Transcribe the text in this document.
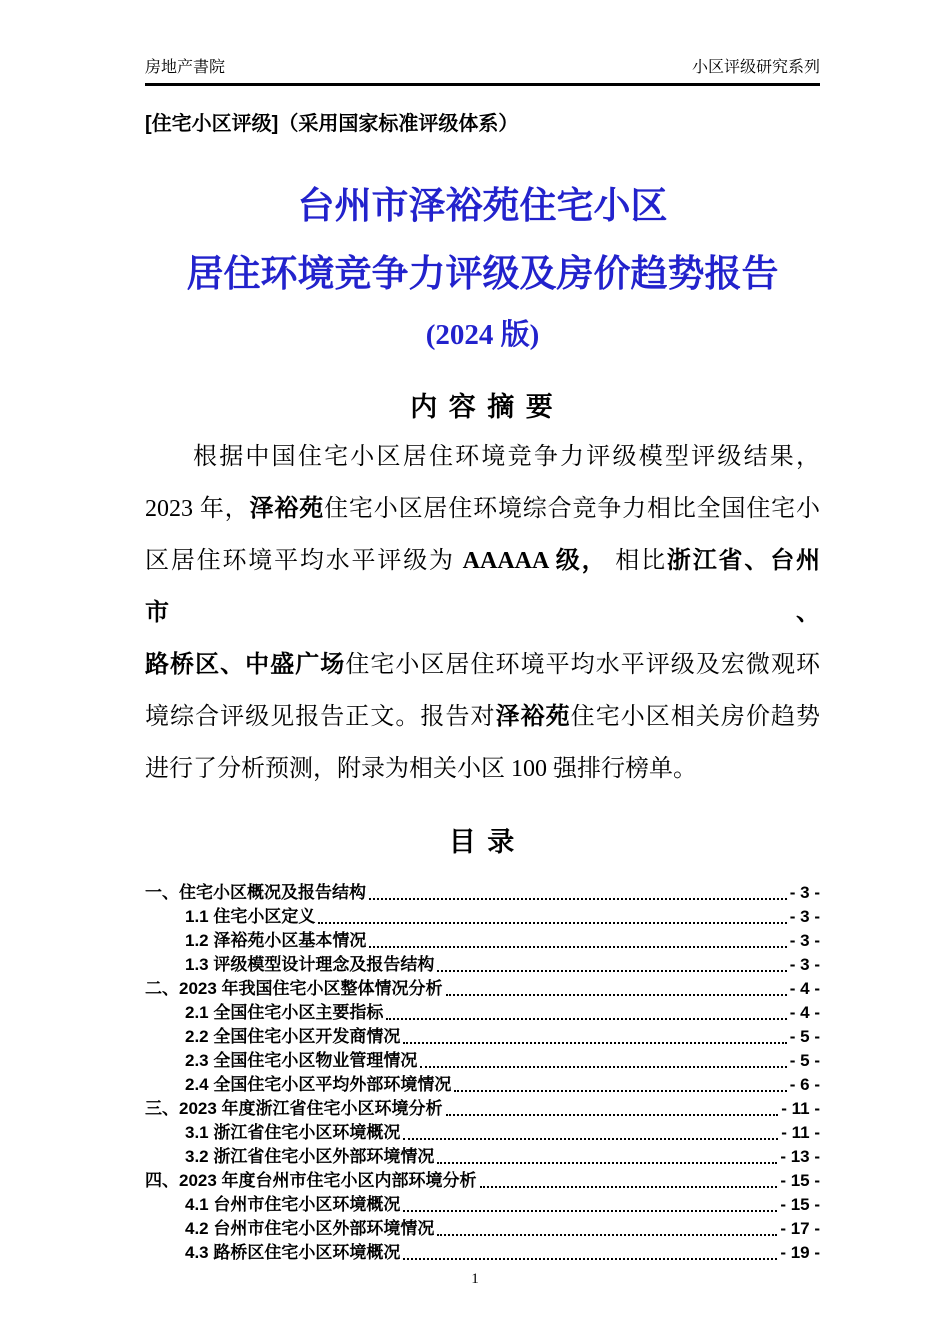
房地产書院	小区评级研究系列
[住宅小区评级]（采用国家标准评级体系）
台州市泽裕苑住宅小区
居住环境竞争力评级及房价趋势报告
(2024 版)
内 容 摘 要
根据中国住宅小区居住环境竞争力评级模型评级结果，
2023 年，泽裕苑住宅小区居住环境综合竞争力相比全国住宅小
区居住环境平均水平评级为 AAAAA 级， 相比浙江省、台州市、
路桥区、中盛广场住宅小区居住环境平均水平评级及宏微观环
境综合评级见报告正文。报告对泽裕苑住宅小区相关房价趋势
进行了分析预测，附录为相关小区 100 强排行榜单。
目 录
一、住宅小区概况及报告结构	- 3 -
1.1 住宅小区定义	- 3 -
1.2 泽裕苑小区基本情况	- 3 -
1.3 评级模型设计理念及报告结构	- 3 -
二、2023 年我国住宅小区整体情况分析	- 4 -
2.1 全国住宅小区主要指标	- 4 -
2.2 全国住宅小区开发商情况	- 5 -
2.3 全国住宅小区物业管理情况	- 5 -
2.4 全国住宅小区平均外部环境情况	- 6 -
三、2023 年度浙江省住宅小区环境分析	- 11 -
3.1 浙江省住宅小区环境概况	- 11 -
3.2 浙江省住宅小区外部环境情况	- 13 -
四、2023 年度台州市住宅小区内部环境分析	- 15 -
4.1 台州市住宅小区环境概况	- 15 -
4.2 台州市住宅小区外部环境情况	- 17 -
4.3 路桥区住宅小区环境概况	- 19 -
1
